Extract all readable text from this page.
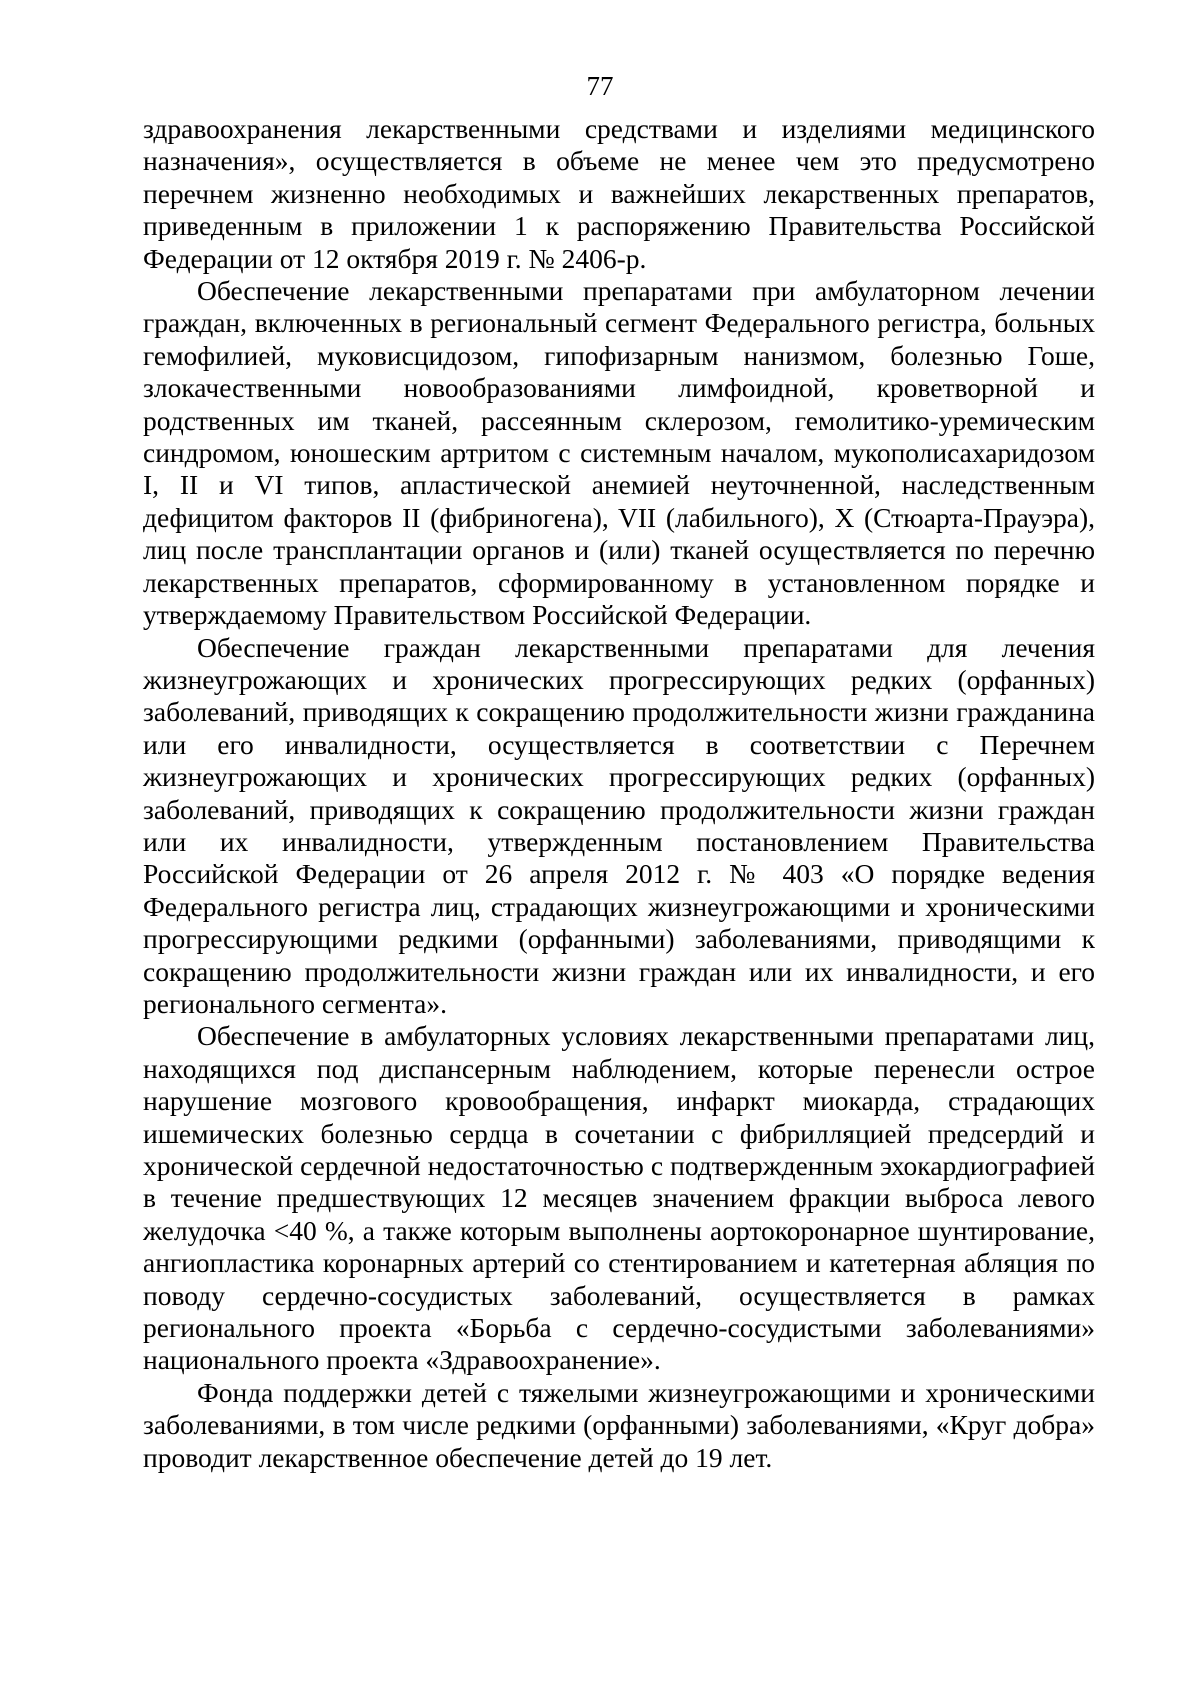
77

здравоохранения лекарственными средствами и изделиями медицинского назначения», осуществляется в объеме не менее чем это предусмотрено перечнем жизненно необходимых и важнейших лекарственных препаратов, приведенным в приложении 1 к распоряжению Правительства Российской Федерации от 12 октября 2019 г. № 2406-р.

Обеспечение лекарственными препаратами при амбулаторном лечении граждан, включенных в региональный сегмент Федерального регистра, больных гемофилией, муковисцидозом, гипофизарным нанизмом, болезнью Гоше, злокачественными новообразованиями лимфоидной, кроветворной и родственных им тканей, рассеянным склерозом, гемолитико-уремическим синдромом, юношеским артритом с системным началом, мукополисахаридозом I, II и VI типов, апластической анемией неуточненной, наследственным дефицитом факторов II (фибриногена), VII (лабильного), X (Стюарта-Прауэра), лиц после трансплантации органов и (или) тканей осуществляется по перечню лекарственных препаратов, сформированному в установленном порядке и утверждаемому Правительством Российской Федерации.

Обеспечение граждан лекарственными препаратами для лечения жизнеугрожающих и хронических прогрессирующих редких (орфанных) заболеваний, приводящих к сокращению продолжительности жизни гражданина или его инвалидности, осуществляется в соответствии с Перечнем жизнеугрожающих и хронических прогрессирующих редких (орфанных) заболеваний, приводящих к сокращению продолжительности жизни граждан или их инвалидности, утвержденным постановлением Правительства Российской Федерации от 26 апреля 2012 г. № 403 «О порядке ведения Федерального регистра лиц, страдающих жизнеугрожающими и хроническими прогрессирующими редкими (орфанными) заболеваниями, приводящими к сокращению продолжительности жизни граждан или их инвалидности, и его регионального сегмента».

Обеспечение в амбулаторных условиях лекарственными препаратами лиц, находящихся под диспансерным наблюдением, которые перенесли острое нарушение мозгового кровообращения, инфаркт миокарда, страдающих ишемических болезнью сердца в сочетании с фибрилляцией предсердий и хронической сердечной недостаточностью с подтвержденным эхокардиографией в течение предшествующих 12 месяцев значением фракции выброса левого желудочка <40 %, а также которым выполнены аортокоронарное шунтирование, ангиопластика коронарных артерий со стентированием и катетерная абляция по поводу сердечно-сосудистых заболеваний, осуществляется в рамках регионального проекта «Борьба с сердечно-сосудистыми заболеваниями» национального проекта «Здравоохранение».

Фонда поддержки детей с тяжелыми жизнеугрожающими и хроническими заболеваниями, в том числе редкими (орфанными) заболеваниями, «Круг добра» проводит лекарственное обеспечение детей до 19 лет.
